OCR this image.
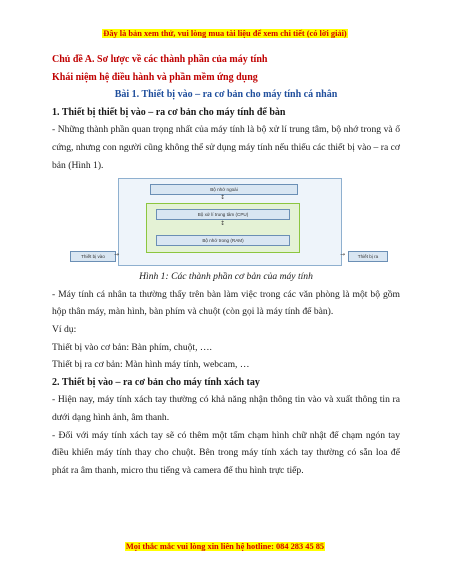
Đây là bản xem thử, vui lòng mua tài liệu để xem chi tiết (có lời giải)
Chủ đề A. Sơ lược về các thành phần của máy tính
Khái niệm hệ điều hành và phần mềm ứng dụng
Bài 1. Thiết bị vào – ra cơ bản cho máy tính cá nhân
1. Thiết bị thiết bị vào – ra cơ bản cho máy tính để bàn
- Những thành phần quan trọng nhất của máy tính là bộ xử lí trung tâm, bộ nhớ trong và ổ cứng, nhưng con người cũng không thể sử dụng máy tính nếu thiếu các thiết bị vào – ra cơ bản (Hình 1).
Bộ nhớ ngoài
↕
Bộ xử lí trung tâm (CPU)
↕
Bộ nhớ trong (RAM)
Thiết bị vào	→	→	Thiết bị ra
Hình 1: Các thành phần cơ bản của máy tính
- Máy tính cá nhân ta thường thấy trên bàn làm việc trong các văn phòng là một bộ gồm hộp thân máy, màn hình, bàn phím và chuột (còn gọi là máy tính để bàn).
Ví dụ:
Thiết bị vào cơ bản: Bàn phím, chuột, ….
Thiết bị ra cơ bản: Màn hình máy tính, webcam, …
2. Thiết bị vào – ra cơ bản cho máy tính xách tay
- Hiện nay, máy tính xách tay thường có khả năng nhận thông tin vào và xuất thông tin ra dưới dạng hình ảnh, âm thanh.
- Đối với máy tính xách tay sẽ có thêm một tấm chạm hình chữ nhật để chạm ngón tay điều khiển máy tính thay cho chuột. Bên trong máy tính xách tay thường có sẵn loa để phát ra âm thanh, micro thu tiếng và camera để thu hình trực tiếp.
Mọi thắc mắc vui lòng xin liên hệ hotline: 084 283 45 85
